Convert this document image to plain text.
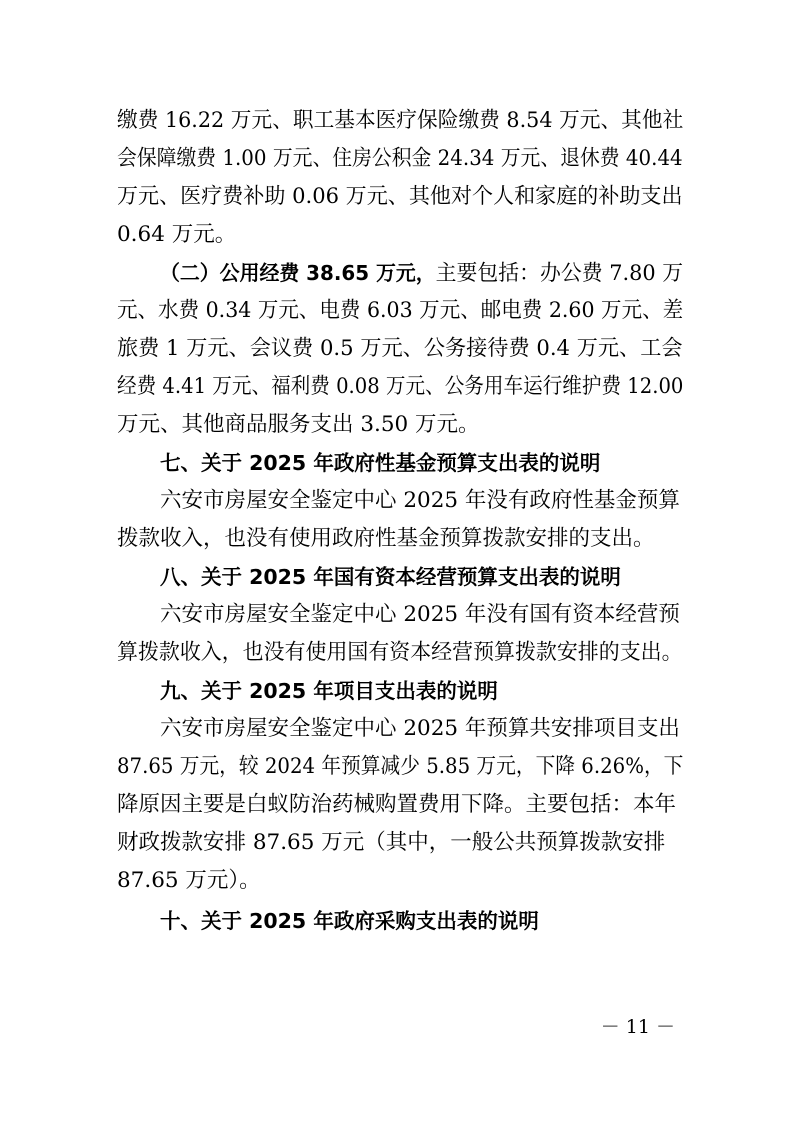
缴费 16.22 万元、职工基本医疗保险缴费 8.54 万元、其他社
会保障缴费 1.00 万元、住房公积金 24.34 万元、退休费 40.44
万元、医疗费补助 0.06 万元、其他对个人和家庭的补助支出
0.64 万元。
（二）公用经费 38.65 万元，主要包括：办公费 7.80 万
元、水费 0.34 万元、电费 6.03 万元、邮电费 2.60 万元、差
旅费 1 万元、会议费 0.5 万元、公务接待费 0.4 万元、工会
经费 4.41 万元、福利费 0.08 万元、公务用车运行维护费 12.00
万元、其他商品服务支出 3.50 万元。
七、关于 2025 年政府性基金预算支出表的说明
六安市房屋安全鉴定中心 2025 年没有政府性基金预算
拨款收入，也没有使用政府性基金预算拨款安排的支出。
八、关于 2025 年国有资本经营预算支出表的说明
六安市房屋安全鉴定中心 2025 年没有国有资本经营预
算拨款收入，也没有使用国有资本经营预算拨款安排的支出。
九、关于 2025 年项目支出表的说明
六安市房屋安全鉴定中心 2025 年预算共安排项目支出
87.65 万元，较 2024 年预算减少 5.85 万元，下降 6.26%，下
降原因主要是白蚁防治药械购置费用下降。主要包括：本年
财政拨款安排 87.65 万元（其中，一般公共预算拨款安排
87.65 万元）。
十、关于 2025 年政府采购支出表的说明
－ 11 －
